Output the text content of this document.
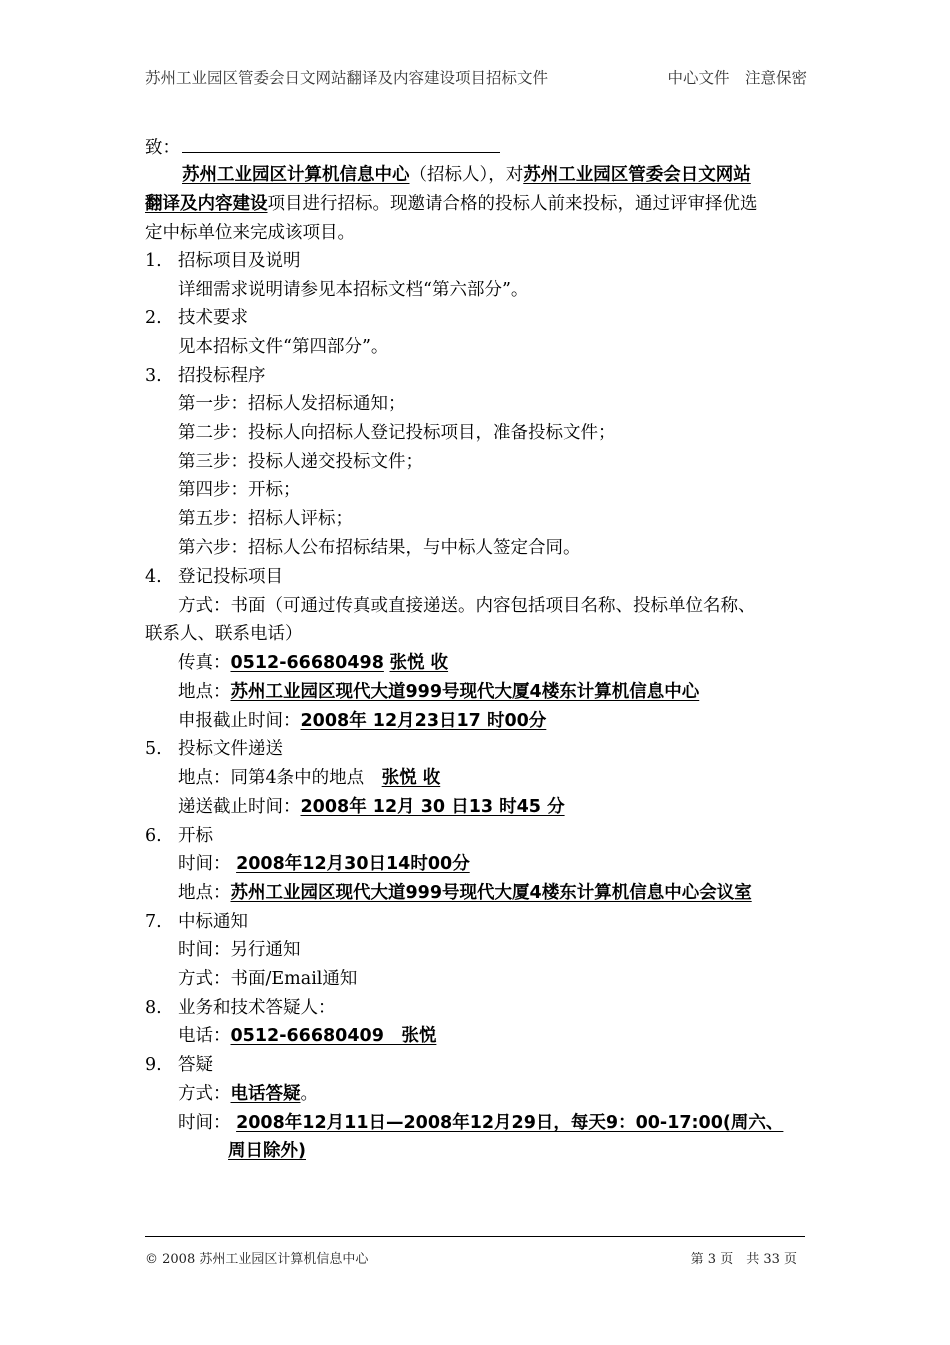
苏州工业园区管委会日文网站翻译及内容建设项目招标文件	中心文件　注意保密
致：
苏州工业园区计算机信息中心（招标人），对苏州工业园区管委会日文网站
翻译及内容建设项目进行招标。现邀请合格的投标人前来投标，通过评审择优选
定中标单位来完成该项目。
1. 招标项目及说明
详细需求说明请参见本招标文档“第六部分”。
2. 技术要求
见本招标文件“第四部分”。
3. 招投标程序
第一步：招标人发招标通知；
第二步：投标人向招标人登记投标项目，准备投标文件；
第三步：投标人递交投标文件；
第四步：开标；
第五步：招标人评标；
第六步：招标人公布招标结果，与中标人签定合同。
4. 登记投标项目
方式：书面（可通过传真或直接递送。内容包括项目名称、投标单位名称、
联系人、联系电话）
传真：0512-66680498 张悦 收
地点：苏州工业园区现代大道999号现代大厦4楼东计算机信息中心
申报截止时间：2008年 12月23日17 时00分
5. 投标文件递送
地点：同第4条中的地点　张悦 收
递送截止时间：2008年 12月 30 日13 时45 分
6. 开标
时间： 2008年12月30日14时00分
地点：苏州工业园区现代大道999号现代大厦4楼东计算机信息中心会议室
7. 中标通知
时间：另行通知
方式：书面/Email通知
8. 业务和技术答疑人：
电话：0512-66680409　张悦
9. 答疑
方式：电话答疑。
时间： 2008年12月11日—2008年12月29日，每天9：00-17:00(周六、
周日除外)
© 2008 苏州工业园区计算机信息中心	第 3 页　共 33 页
